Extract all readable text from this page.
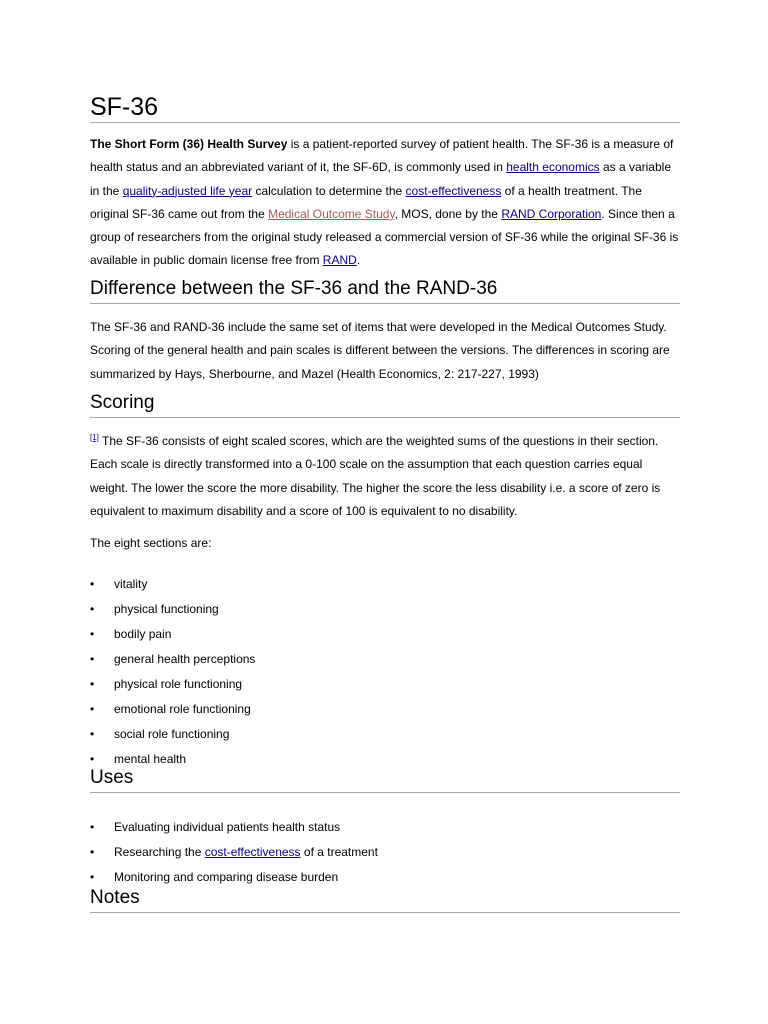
SF-36

The Short Form (36) Health Survey is a patient-reported survey of patient health. The SF-36 is a measure of health status and an abbreviated variant of it, the SF-6D, is commonly used in health economics as a variable in the quality-adjusted life year calculation to determine the cost-effectiveness of a health treatment. The original SF-36 came out from the Medical Outcome Study, MOS, done by the RAND Corporation. Since then a group of researchers from the original study released a commercial version of SF-36 while the original SF-36 is available in public domain license free from RAND.

Difference between the SF-36 and the RAND-36

The SF-36 and RAND-36 include the same set of items that were developed in the Medical Outcomes Study. Scoring of the general health and pain scales is different between the versions. The differences in scoring are summarized by Hays, Sherbourne, and Mazel (Health Economics, 2: 217-227, 1993)

Scoring

[1] The SF-36 consists of eight scaled scores, which are the weighted sums of the questions in their section. Each scale is directly transformed into a 0-100 scale on the assumption that each question carries equal weight. The lower the score the more disability. The higher the score the less disability i.e. a score of zero is equivalent to maximum disability and a score of 100 is equivalent to no disability.

The eight sections are:

• vitality
• physical functioning
• bodily pain
• general health perceptions
• physical role functioning
• emotional role functioning
• social role functioning
• mental health
Uses
• Evaluating individual patients health status
• Researching the cost-effectiveness of a treatment
• Monitoring and comparing disease burden
Notes
